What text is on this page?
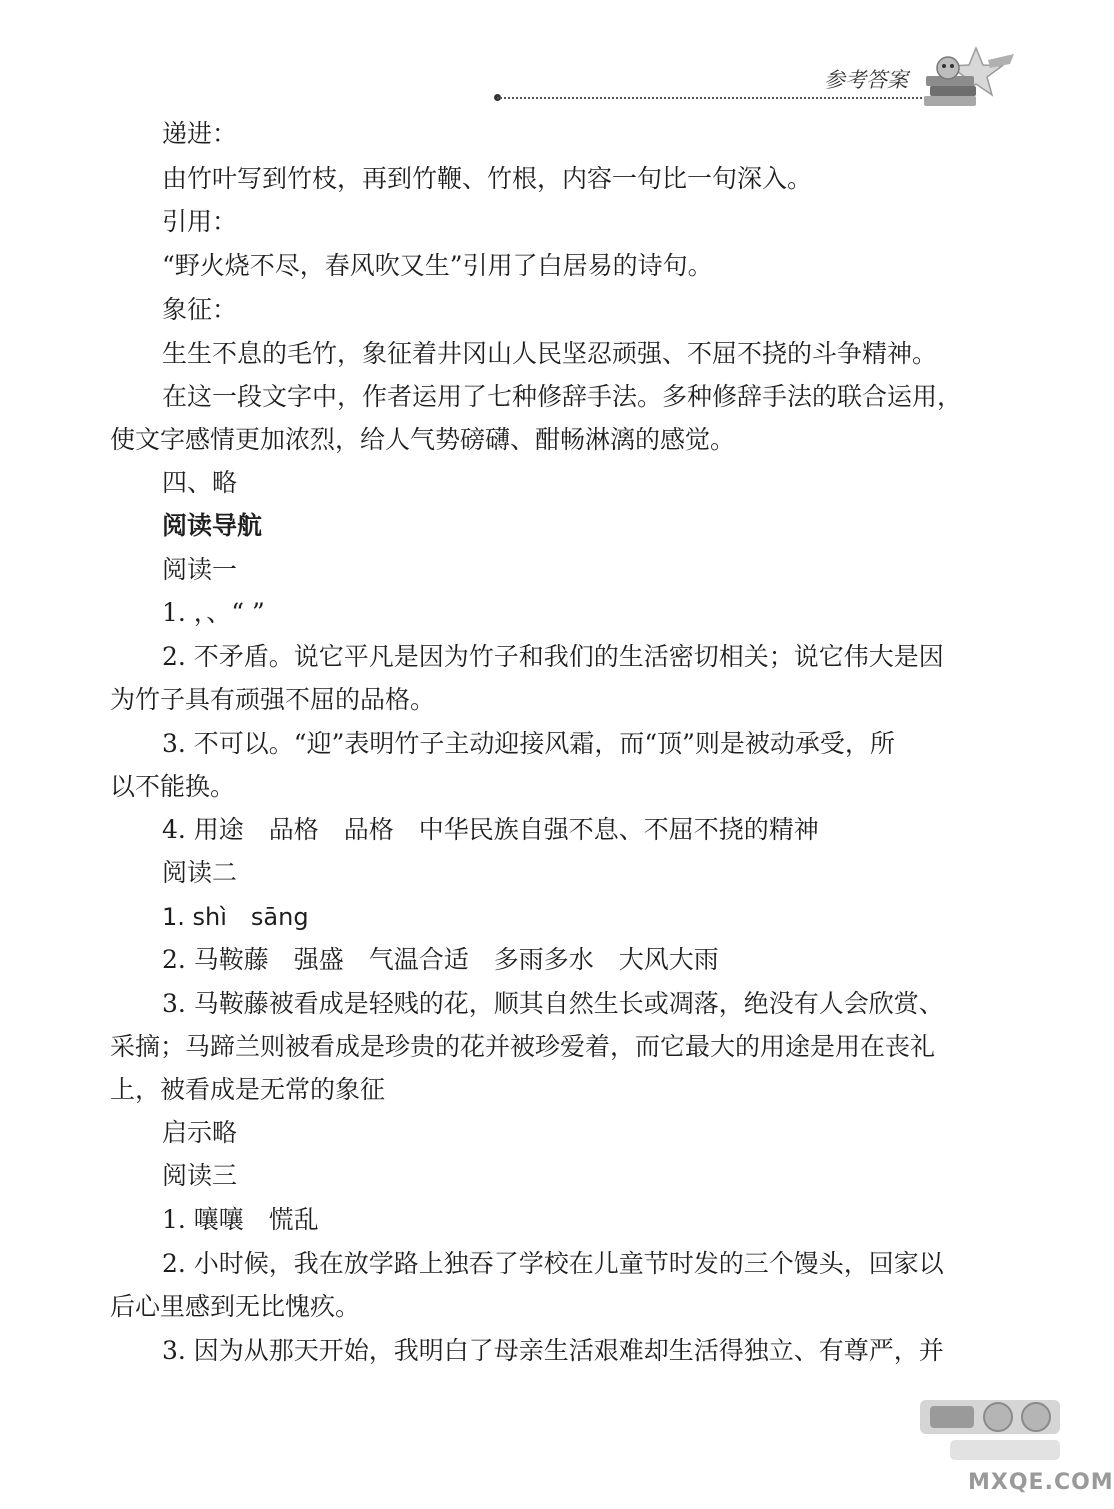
参考答案
递进：
由竹叶写到竹枝，再到竹鞭、竹根，内容一句比一句深入。
引用：
“野火烧不尽，春风吹又生”引用了白居易的诗句。
象征：
生生不息的毛竹，象征着井冈山人民坚忍顽强、不屈不挠的斗争精神。
在这一段文字中，作者运用了七种修辞手法。多种修辞手法的联合运用，
使文字感情更加浓烈，给人气势磅礴、酣畅淋漓的感觉。
四、略
阅读导航
阅读一
1. ，、“ ”
2. 不矛盾。说它平凡是因为竹子和我们的生活密切相关；说它伟大是因
为竹子具有顽强不屈的品格。
3. 不可以。“迎”表明竹子主动迎接风霜，而“顶”则是被动承受，所
以不能换。
4. 用途　品格　品格　中华民族自强不息、不屈不挠的精神
阅读二
1. shì　sāng
2. 马鞍藤　强盛　气温合适　多雨多水　大风大雨
3. 马鞍藤被看成是轻贱的花，顺其自然生长或凋落，绝没有人会欣赏、
采摘；马蹄兰则被看成是珍贵的花并被珍爱着，而它最大的用途是用在丧礼
上，被看成是无常的象征
启示略
阅读三
1. 嚷嚷　慌乱
2. 小时候，我在放学路上独吞了学校在儿童节时发的三个馒头，回家以
后心里感到无比愧疚。
3. 因为从那天开始，我明白了母亲生活艰难却生活得独立、有尊严，并
MXQE.COM
